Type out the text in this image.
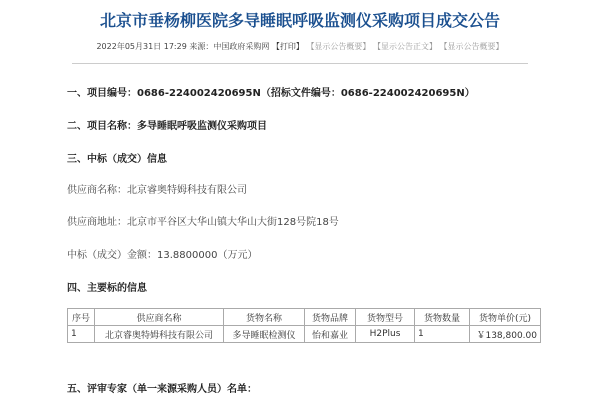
北京市垂杨柳医院多导睡眠呼吸监测仪采购项目成交公告
2022年05月31日 17:29 来源：中国政府采购网 【打印】 【显示公告概要】 【显示公告正文】 【显示公告概要】
一、项目编号：0686-224002420695N（招标文件编号：0686-224002420695N）
二、项目名称：多导睡眠呼吸监测仪采购项目
三、中标（成交）信息
供应商名称：北京睿奥特姆科技有限公司
供应商地址：北京市平谷区大华山镇大华山大街128号院18号
中标（成交）金额：13.8800000（万元）
四、主要标的信息
序号	供应商名称	货物名称	货物品牌	货物型号	货物数量	货物单价(元)
1	北京睿奥特姆科技有限公司	多导睡眠检测仪	怡和嘉业	H2Plus	1	￥138,800.00
五、评审专家（单一来源采购人员）名单：
